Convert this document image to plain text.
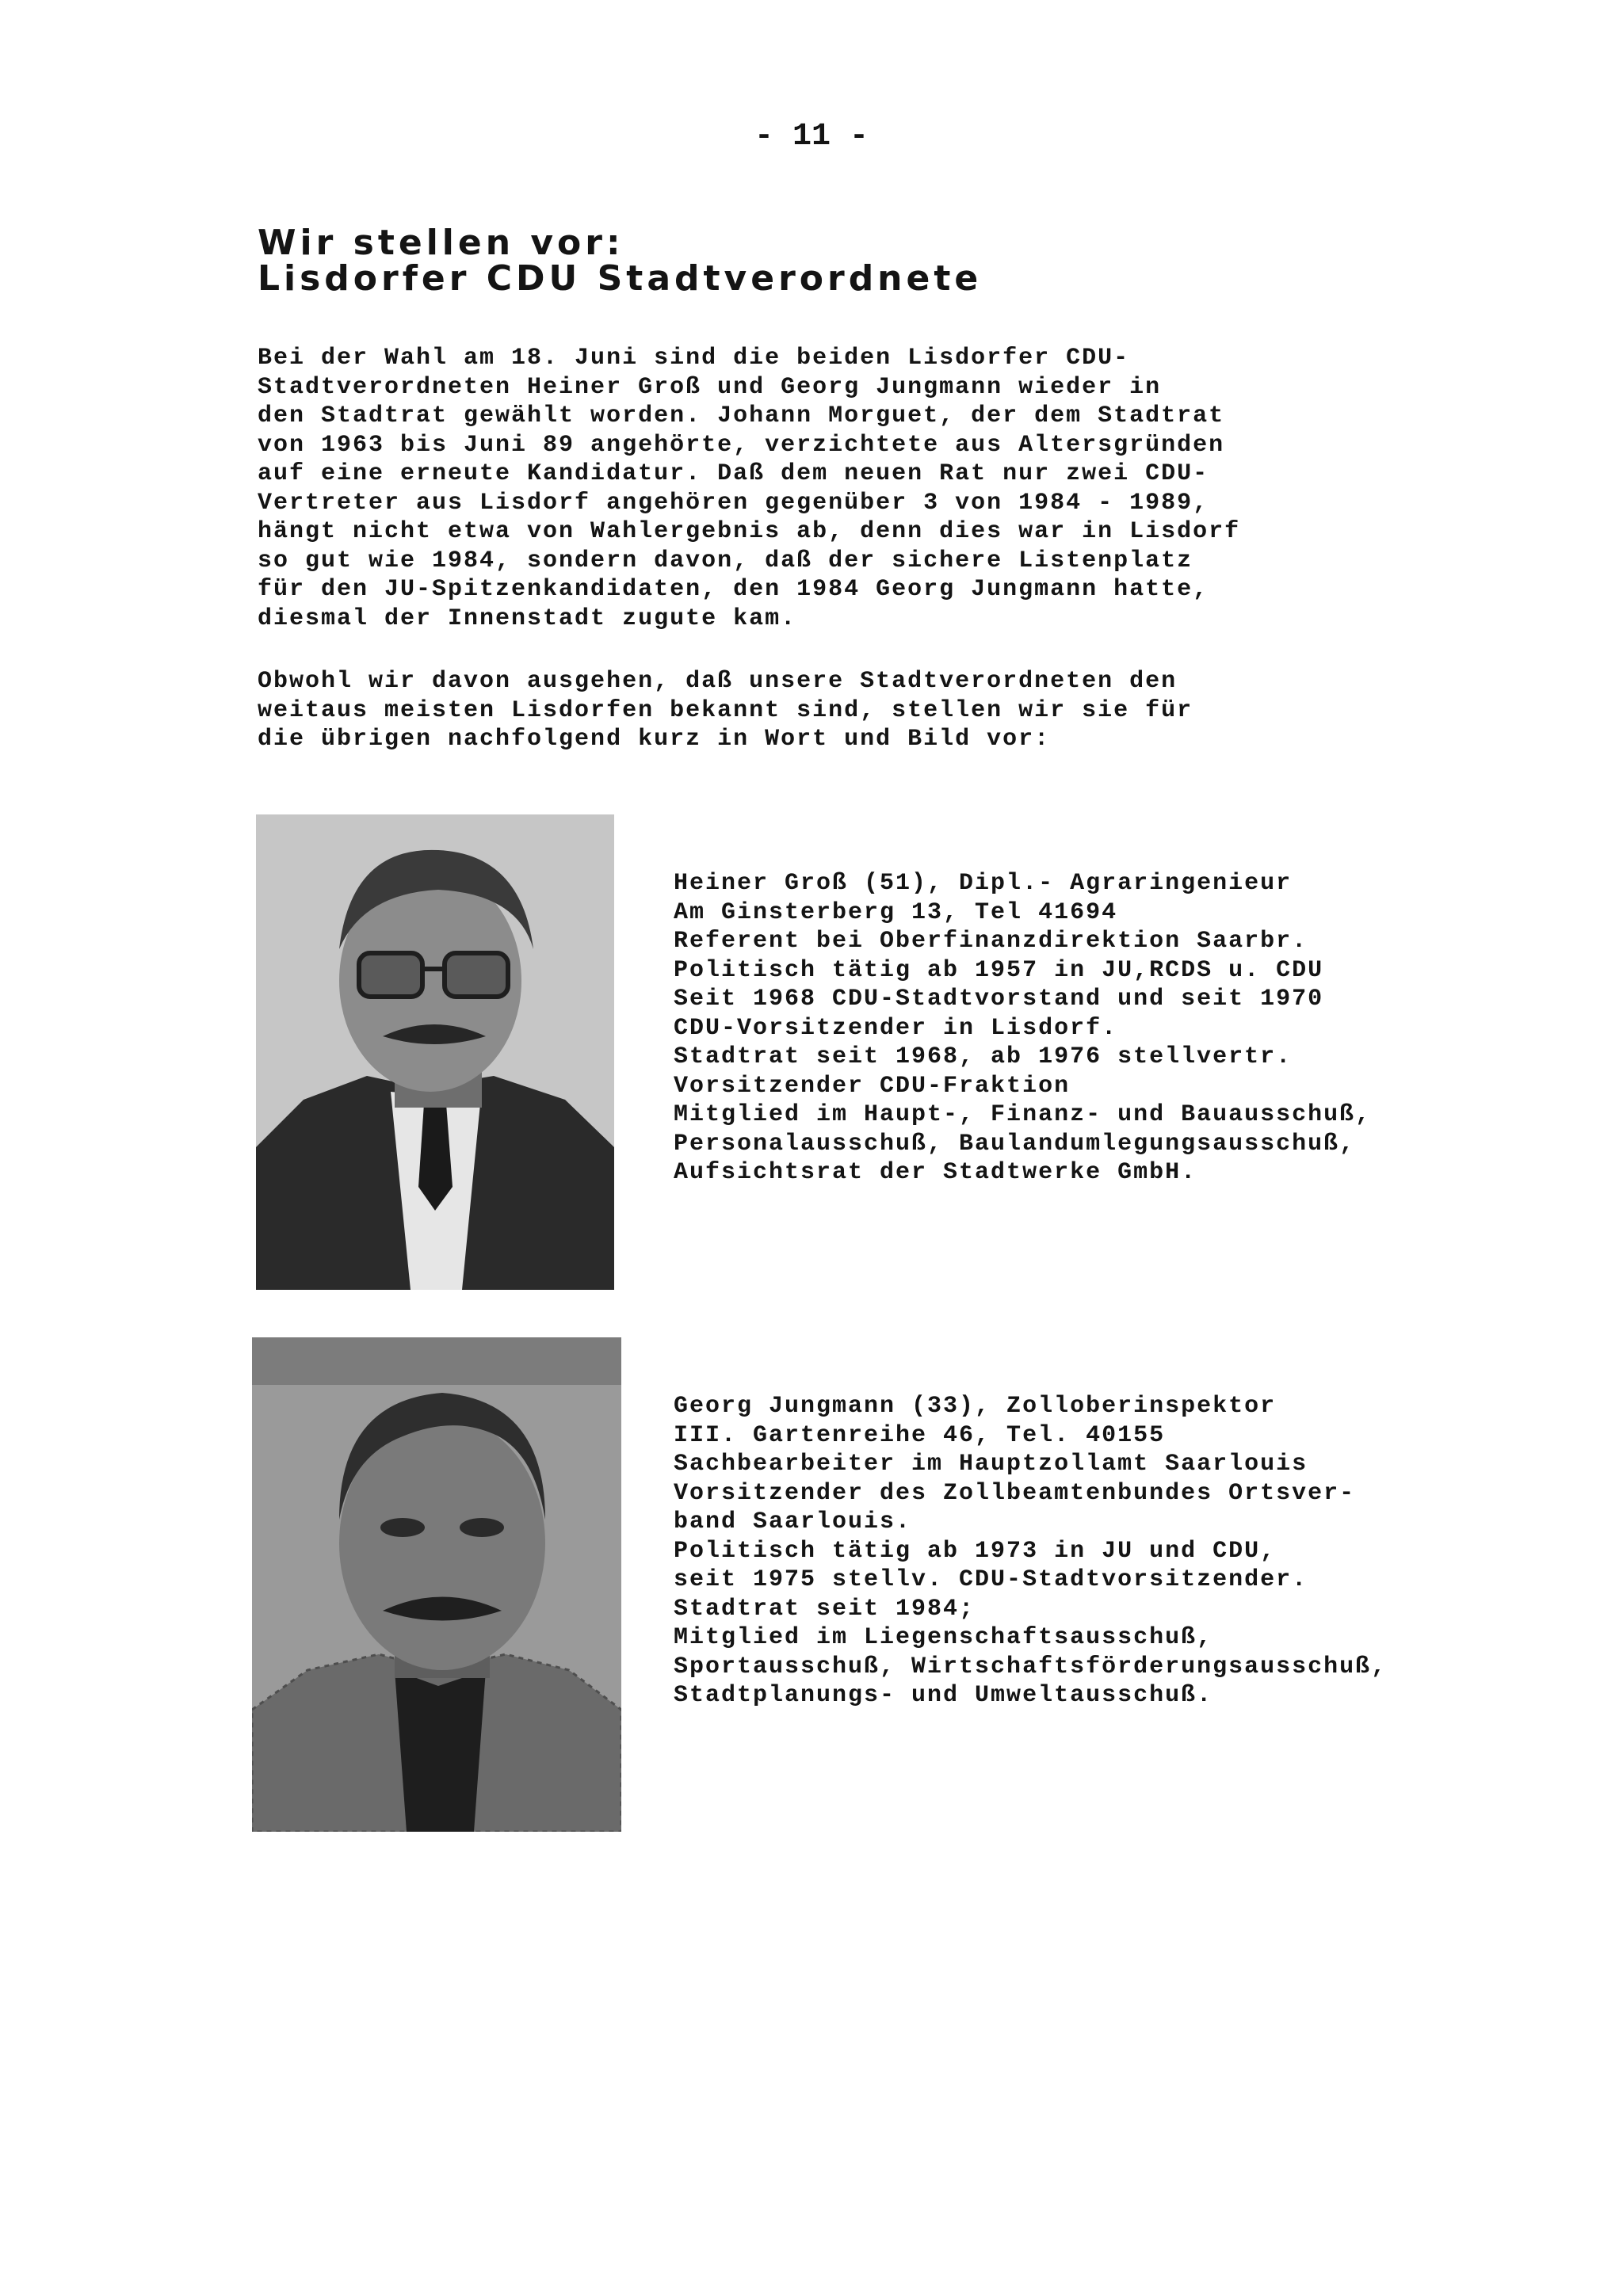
- 11 -
Wir stellen vor:
Lisdorfer CDU Stadtverordnete

Bei der Wahl am 18. Juni sind die beiden Lisdorfer CDU-
Stadtverordneten Heiner Groß und Georg Jungmann wieder in
den Stadtrat gewählt worden. Johann Morguet, der dem Stadtrat
von 1963 bis Juni 89 angehörte, verzichtete aus Altersgründen
auf eine erneute Kandidatur. Daß dem neuen Rat nur zwei CDU-
Vertreter aus Lisdorf angehören gegenüber 3 von 1984 - 1989,
hängt nicht etwa von Wahlergebnis ab, denn dies war in Lisdorf
so gut wie 1984, sondern davon, daß der sichere Listenplatz
für den JU-Spitzenkandidaten, den 1984 Georg Jungmann hatte,
diesmal der Innenstadt zugute kam.

Obwohl wir davon ausgehen, daß unsere Stadtverordneten den
weitaus meisten Lisdorfen bekannt sind, stellen wir sie für
die übrigen nachfolgend kurz in Wort und Bild vor:

Heiner Groß (51), Dipl.- Agraringenieur
Am Ginsterberg 13, Tel 41694
Referent bei Oberfinanzdirektion Saarbr.
Politisch tätig ab 1957 in JU,RCDS u. CDU
Seit 1968 CDU-Stadtvorstand und seit 1970
CDU-Vorsitzender in Lisdorf.
Stadtrat seit 1968, ab 1976 stellvertr.
Vorsitzender CDU-Fraktion
Mitglied im Haupt-, Finanz- und Bauausschuß,
Personalausschuß, Baulandumlegungsausschuß,
Aufsichtsrat der Stadtwerke GmbH.
Georg Jungmann (33), Zolloberinspektor
III. Gartenreihe 46, Tel. 40155
Sachbearbeiter im Hauptzollamt Saarlouis
Vorsitzender des Zollbeamtenbundes Ortsver-
band Saarlouis.
Politisch tätig ab 1973 in JU und CDU,
seit 1975 stellv. CDU-Stadtvorsitzender.
Stadtrat seit 1984;
Mitglied im Liegenschaftsausschuß,
Sportausschuß, Wirtschaftsförderungsausschuß,
Stadtplanungs- und Umweltausschuß.
